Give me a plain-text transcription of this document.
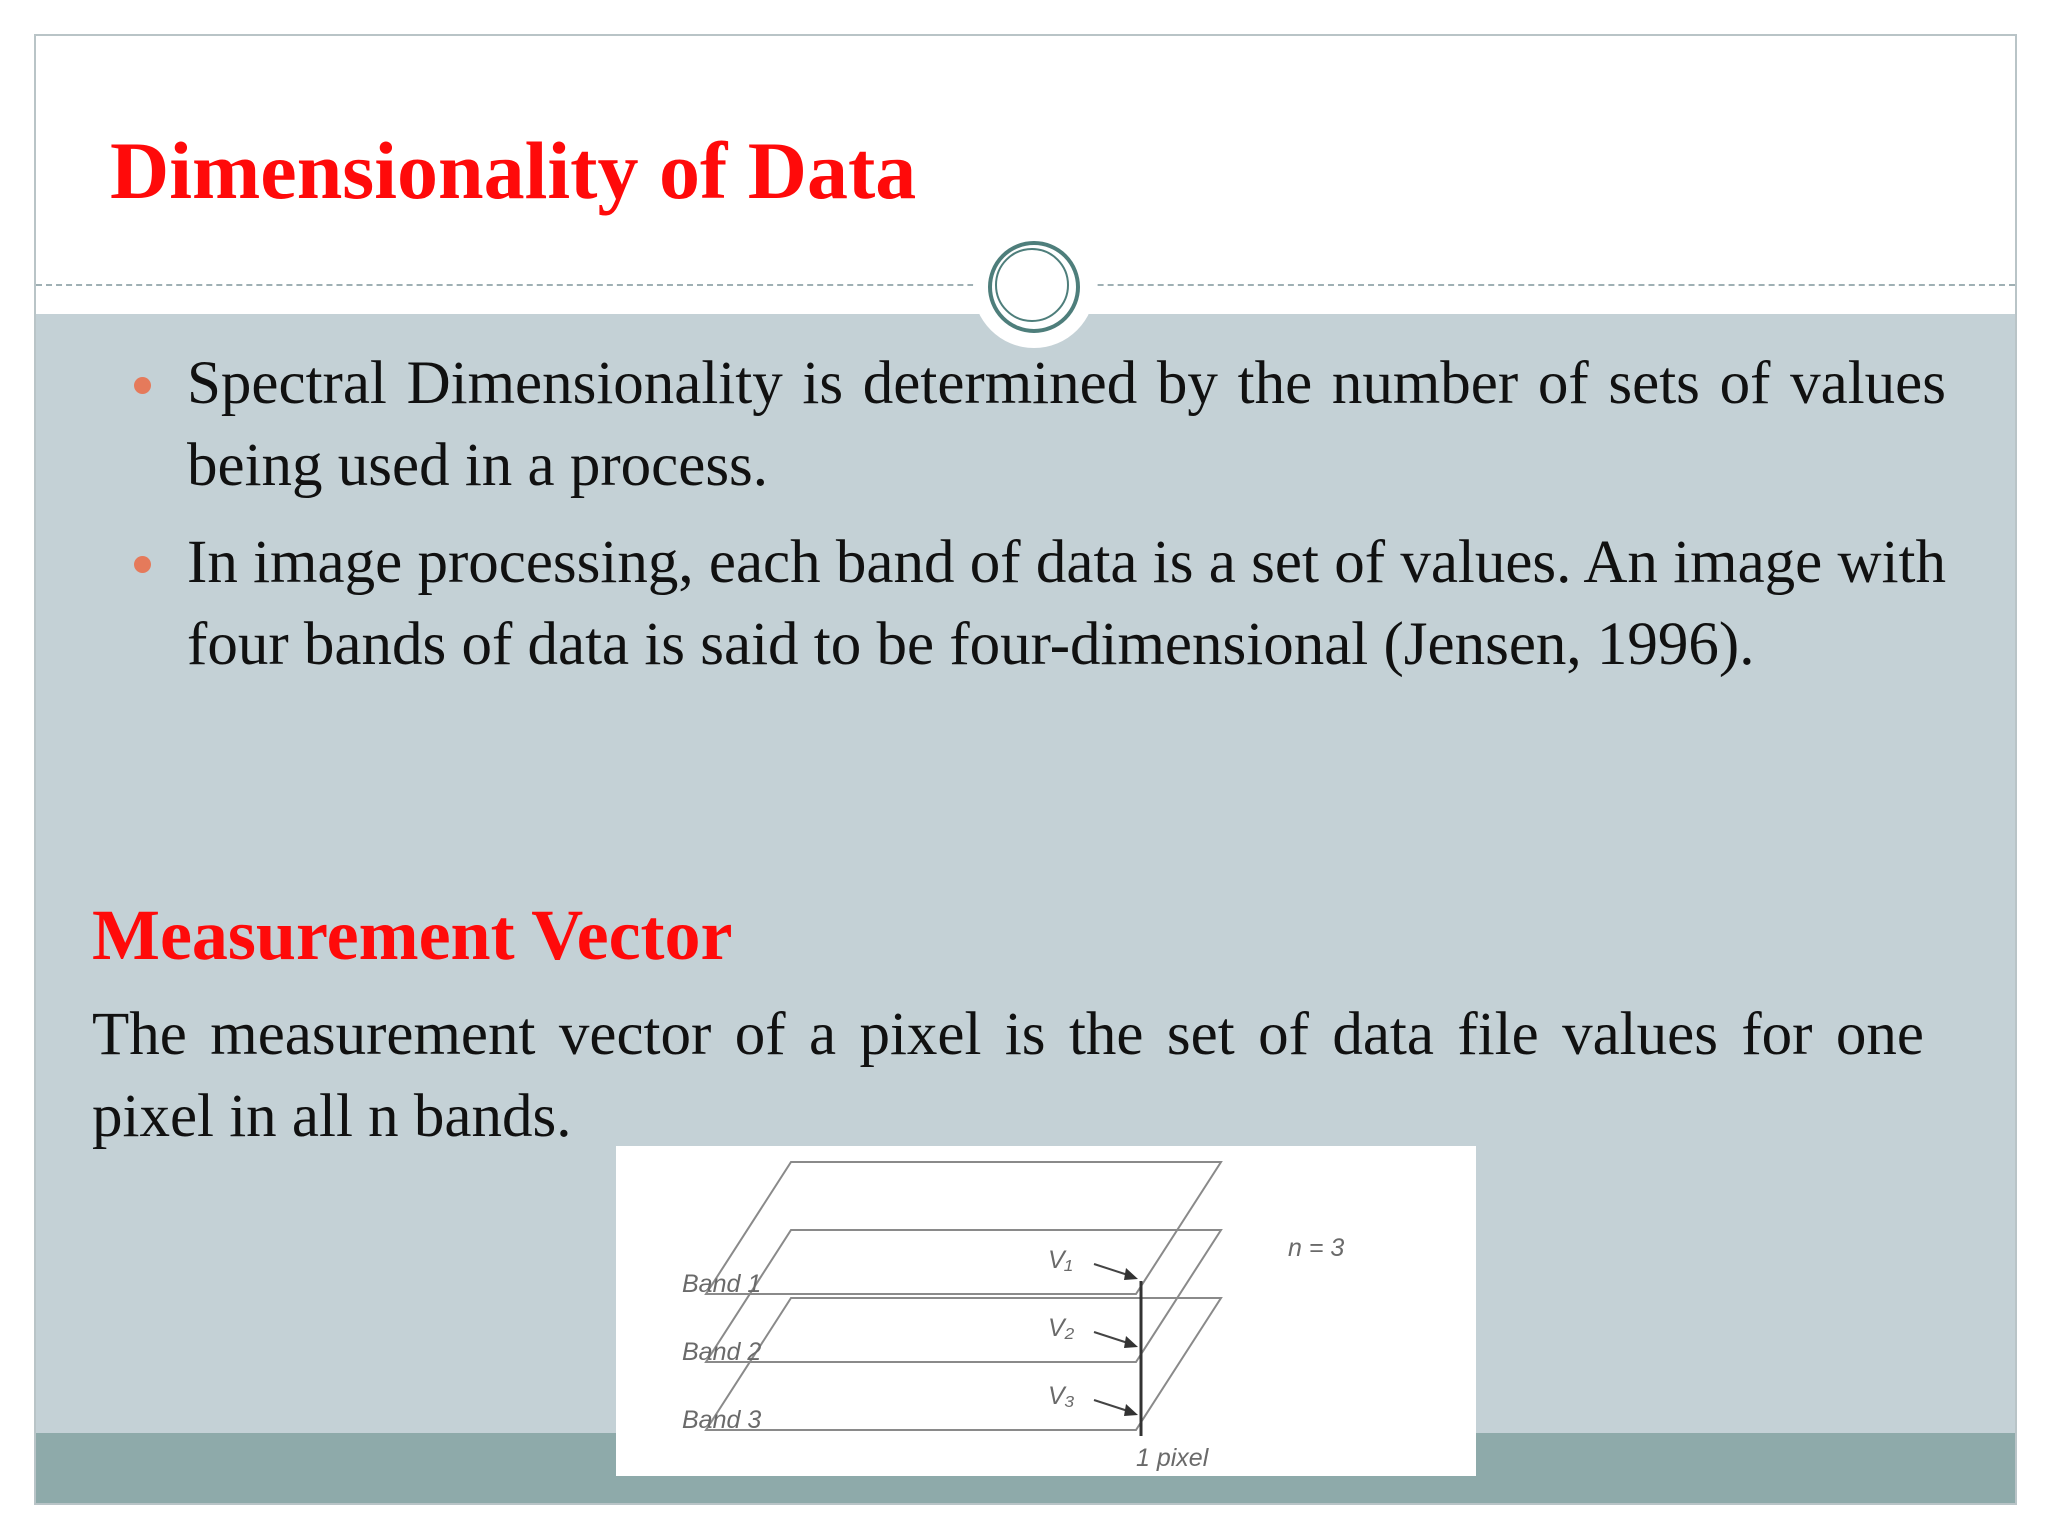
Dimensionality of Data
Spectral Dimensionality is determined by the number of sets of values being used in a process.
In image processing, each band of data is a set of values. An image with four bands of data is said to be four-dimensional (Jensen, 1996).
Measurement Vector

The measurement vector of a pixel is the set of data file values for one pixel in all n bands.

Band 1
Band 2
Band 3
V₁
V₂
V₃
n = 3
1 pixel
